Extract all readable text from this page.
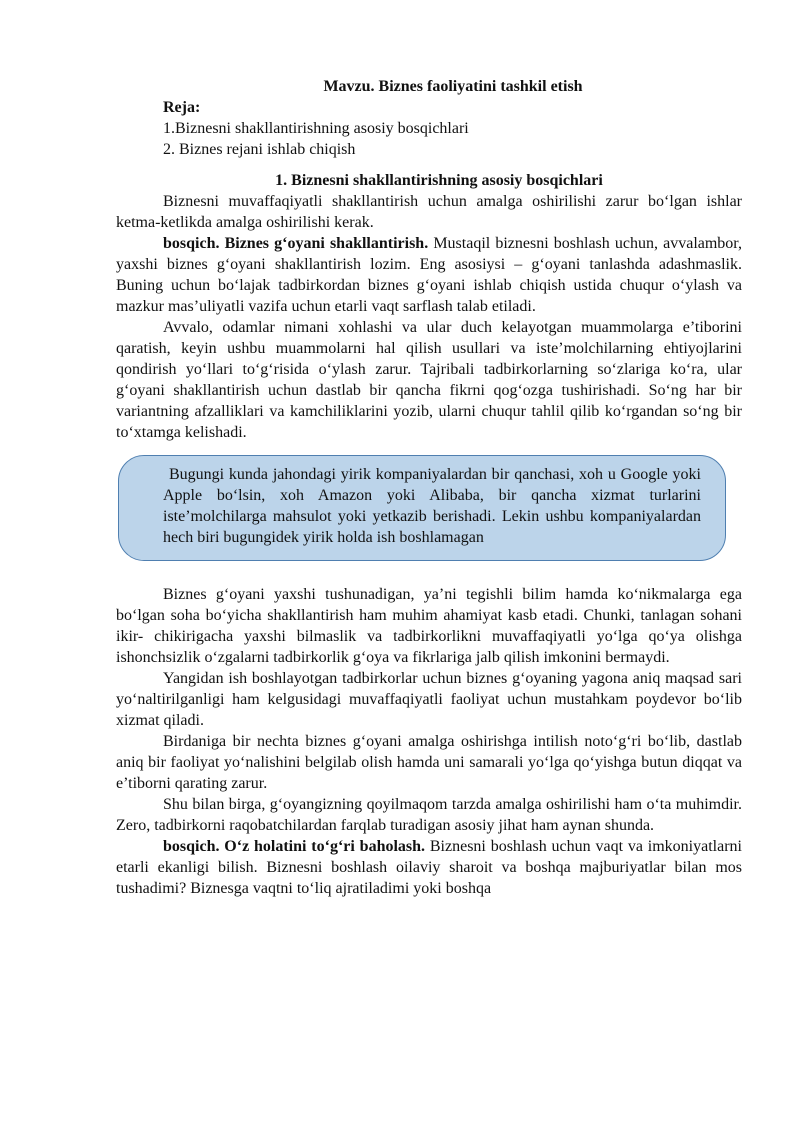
Mavzu. Biznes faoliyatini tashkil etish

Reja:

1.Biznesni shakllantirishning asosiy bosqichlari

2. Biznes rejani ishlab chiqish

1. Biznesni shakllantirishning asosiy bosqichlari

Biznesni muvaffaqiyatli shakllantirish uchun amalga oshirilishi zarur bo‘lgan ishlar ketma-ketlikda amalga oshirilishi kerak.

bosqich. Biznes g‘oyani shakllantirish. Mustaqil biznesni boshlash uchun, avvalambor, yaxshi biznes g‘oyani shakllantirish lozim. Eng asosiysi – g‘oyani tanlashda adashmaslik. Buning uchun bo‘lajak tadbirkordan biznes g‘oyani ishlab chiqish ustida chuqur o‘ylash va mazkur mas’uliyatli vazifa uchun etarli vaqt sarflash talab etiladi.

Avvalo, odamlar nimani xohlashi va ular duch kelayotgan muammolarga e’tiborini qaratish, keyin ushbu muammolarni hal qilish usullari va iste’molchilarning ehtiyojlarini qondirish yo‘llari to‘g‘risida o‘ylash zarur. Tajribali tadbirkorlarning so‘zlariga ko‘ra, ular g‘oyani shakllantirish uchun dastlab bir qancha fikrni qog‘ozga tushirishadi. So‘ng har bir variantning afzalliklari va kamchiliklarini yozib, ularni chuqur tahlil qilib ko‘rgandan so‘ng bir to‘xtamga kelishadi.

Bugungi kunda jahondagi yirik kompaniyalardan bir qanchasi, xoh u Google yoki Apple bo‘lsin, xoh Amazon yoki Alibaba, bir qancha xizmat turlarini iste’molchilarga mahsulot yoki yetkazib berishadi. Lekin ushbu kompaniyalardan hech biri bugungidek yirik holda ish boshlamagan

Biznes g‘oyani yaxshi tushunadigan, ya’ni tegishli bilim hamda ko‘nikmalarga ega bo‘lgan soha bo‘yicha shakllantirish ham muhim ahamiyat kasb etadi. Chunki, tanlagan sohani ikir- chikirigacha yaxshi bilmaslik va tadbirkorlikni muvaffaqiyatli yo‘lga qo‘ya olishga ishonchsizlik o‘zgalarni tadbirkorlik g‘oya va fikrlariga jalb qilish imkonini bermaydi.

Yangidan ish boshlayotgan tadbirkorlar uchun biznes g‘oyaning yagona aniq maqsad sari yo‘naltirilganligi ham kelgusidagi muvaffaqiyatli faoliyat uchun mustahkam poydevor bo‘lib xizmat qiladi.

Birdaniga bir nechta biznes g‘oyani amalga oshirishga intilish noto‘g‘ri bo‘lib, dastlab aniq bir faoliyat yo‘nalishini belgilab olish hamda uni samarali yo‘lga qo‘yishga butun diqqat va e’tiborni qarating zarur.

Shu bilan birga, g‘oyangizning qoyilmaqom tarzda amalga oshirilishi ham o‘ta muhimdir. Zero, tadbirkorni raqobatchilardan farqlab turadigan asosiy jihat ham aynan shunda.

bosqich. O‘z holatini to‘g‘ri baholash. Biznesni boshlash uchun vaqt va imkoniyatlarni etarli ekanligi bilish. Biznesni boshlash oilaviy sharoit va boshqa majburiyatlar bilan mos tushadimi? Biznesga vaqtni to‘liq ajratiladimi yoki boshqa
